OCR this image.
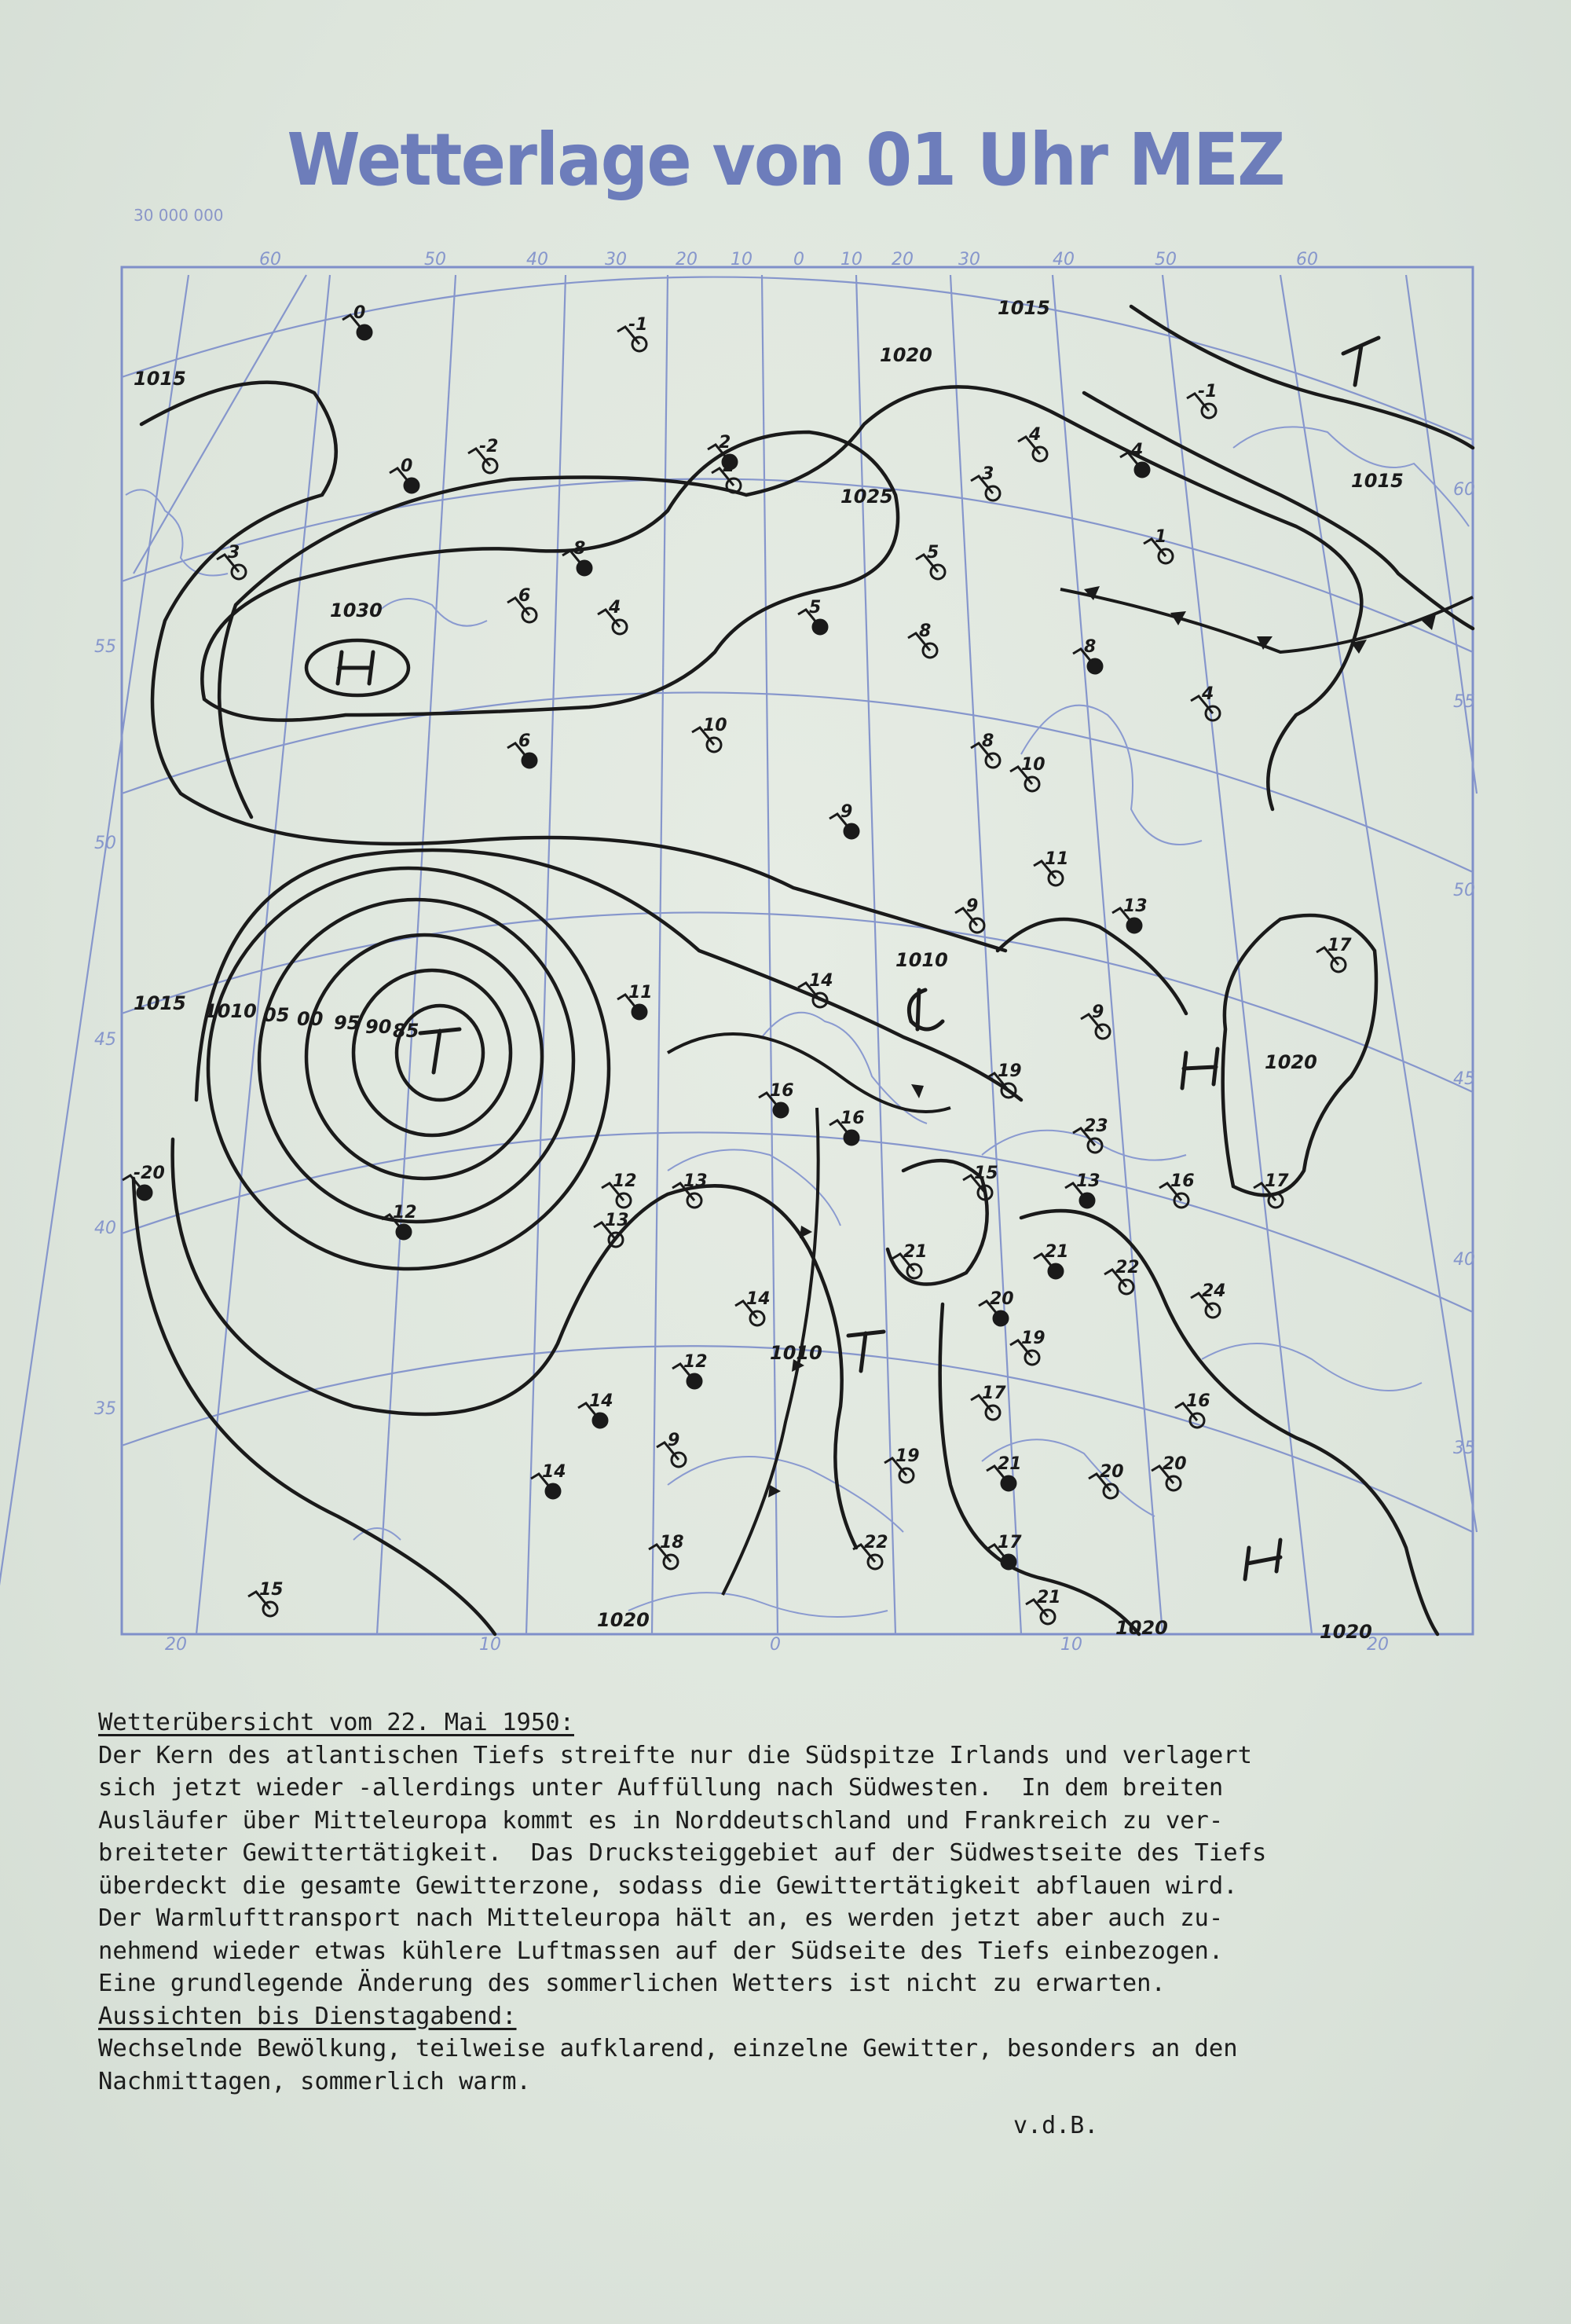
Wetterlage von 01 Uhr MEZ
30 000 000
60	50	40	30	20 10 0 10 20	30	40	50	60
20	10	0	10	20
55
50
45
40
35
60
55
50
45
40
35
1015
1015
1020
1025
1015
1030
1015 1010 05 00 95 90 85
1010
1020
1010
1020	1020	1020
0
-1
-1
2	4
-2
0	2	3
4
1
3	8
6
4	5
5
8
8
4
10
6	8
10
9
11
9	13
17
14
11
9
19
16
23
12
16
13	15	13	16	17
12	13
21	21
22
24
20
14
19
12
17	16
14
9
19	21	20 20
14
18	22	17
15	21
-20
Wetterübersicht vom 22. Mai 1950:
Der Kern des atlantischen Tiefs streifte nur die Südspitze Irlands und verlagert
sich jetzt wieder -allerdings unter Auffüllung nach Südwesten.  In dem breiten
Ausläufer über Mitteleuropa kommt es in Norddeutschland und Frankreich zu ver-
breiteter Gewittertätigkeit.  Das Drucksteiggebiet auf der Südwestseite des Tiefs
überdeckt die gesamte Gewitterzone, sodass die Gewittertätigkeit abflauen wird.
Der Warmlufttransport nach Mitteleuropa hält an, es werden jetzt aber auch zu-
nehmend wieder etwas kühlere Luftmassen auf der Südseite des Tiefs einbezogen.
Eine grundlegende Änderung des sommerlichen Wetters ist nicht zu erwarten.
Aussichten bis Dienstagabend:
Wechselnde Bewölkung, teilweise aufklarend, einzelne Gewitter, besonders an den
Nachmittagen, sommerlich warm.
v.d.B.
